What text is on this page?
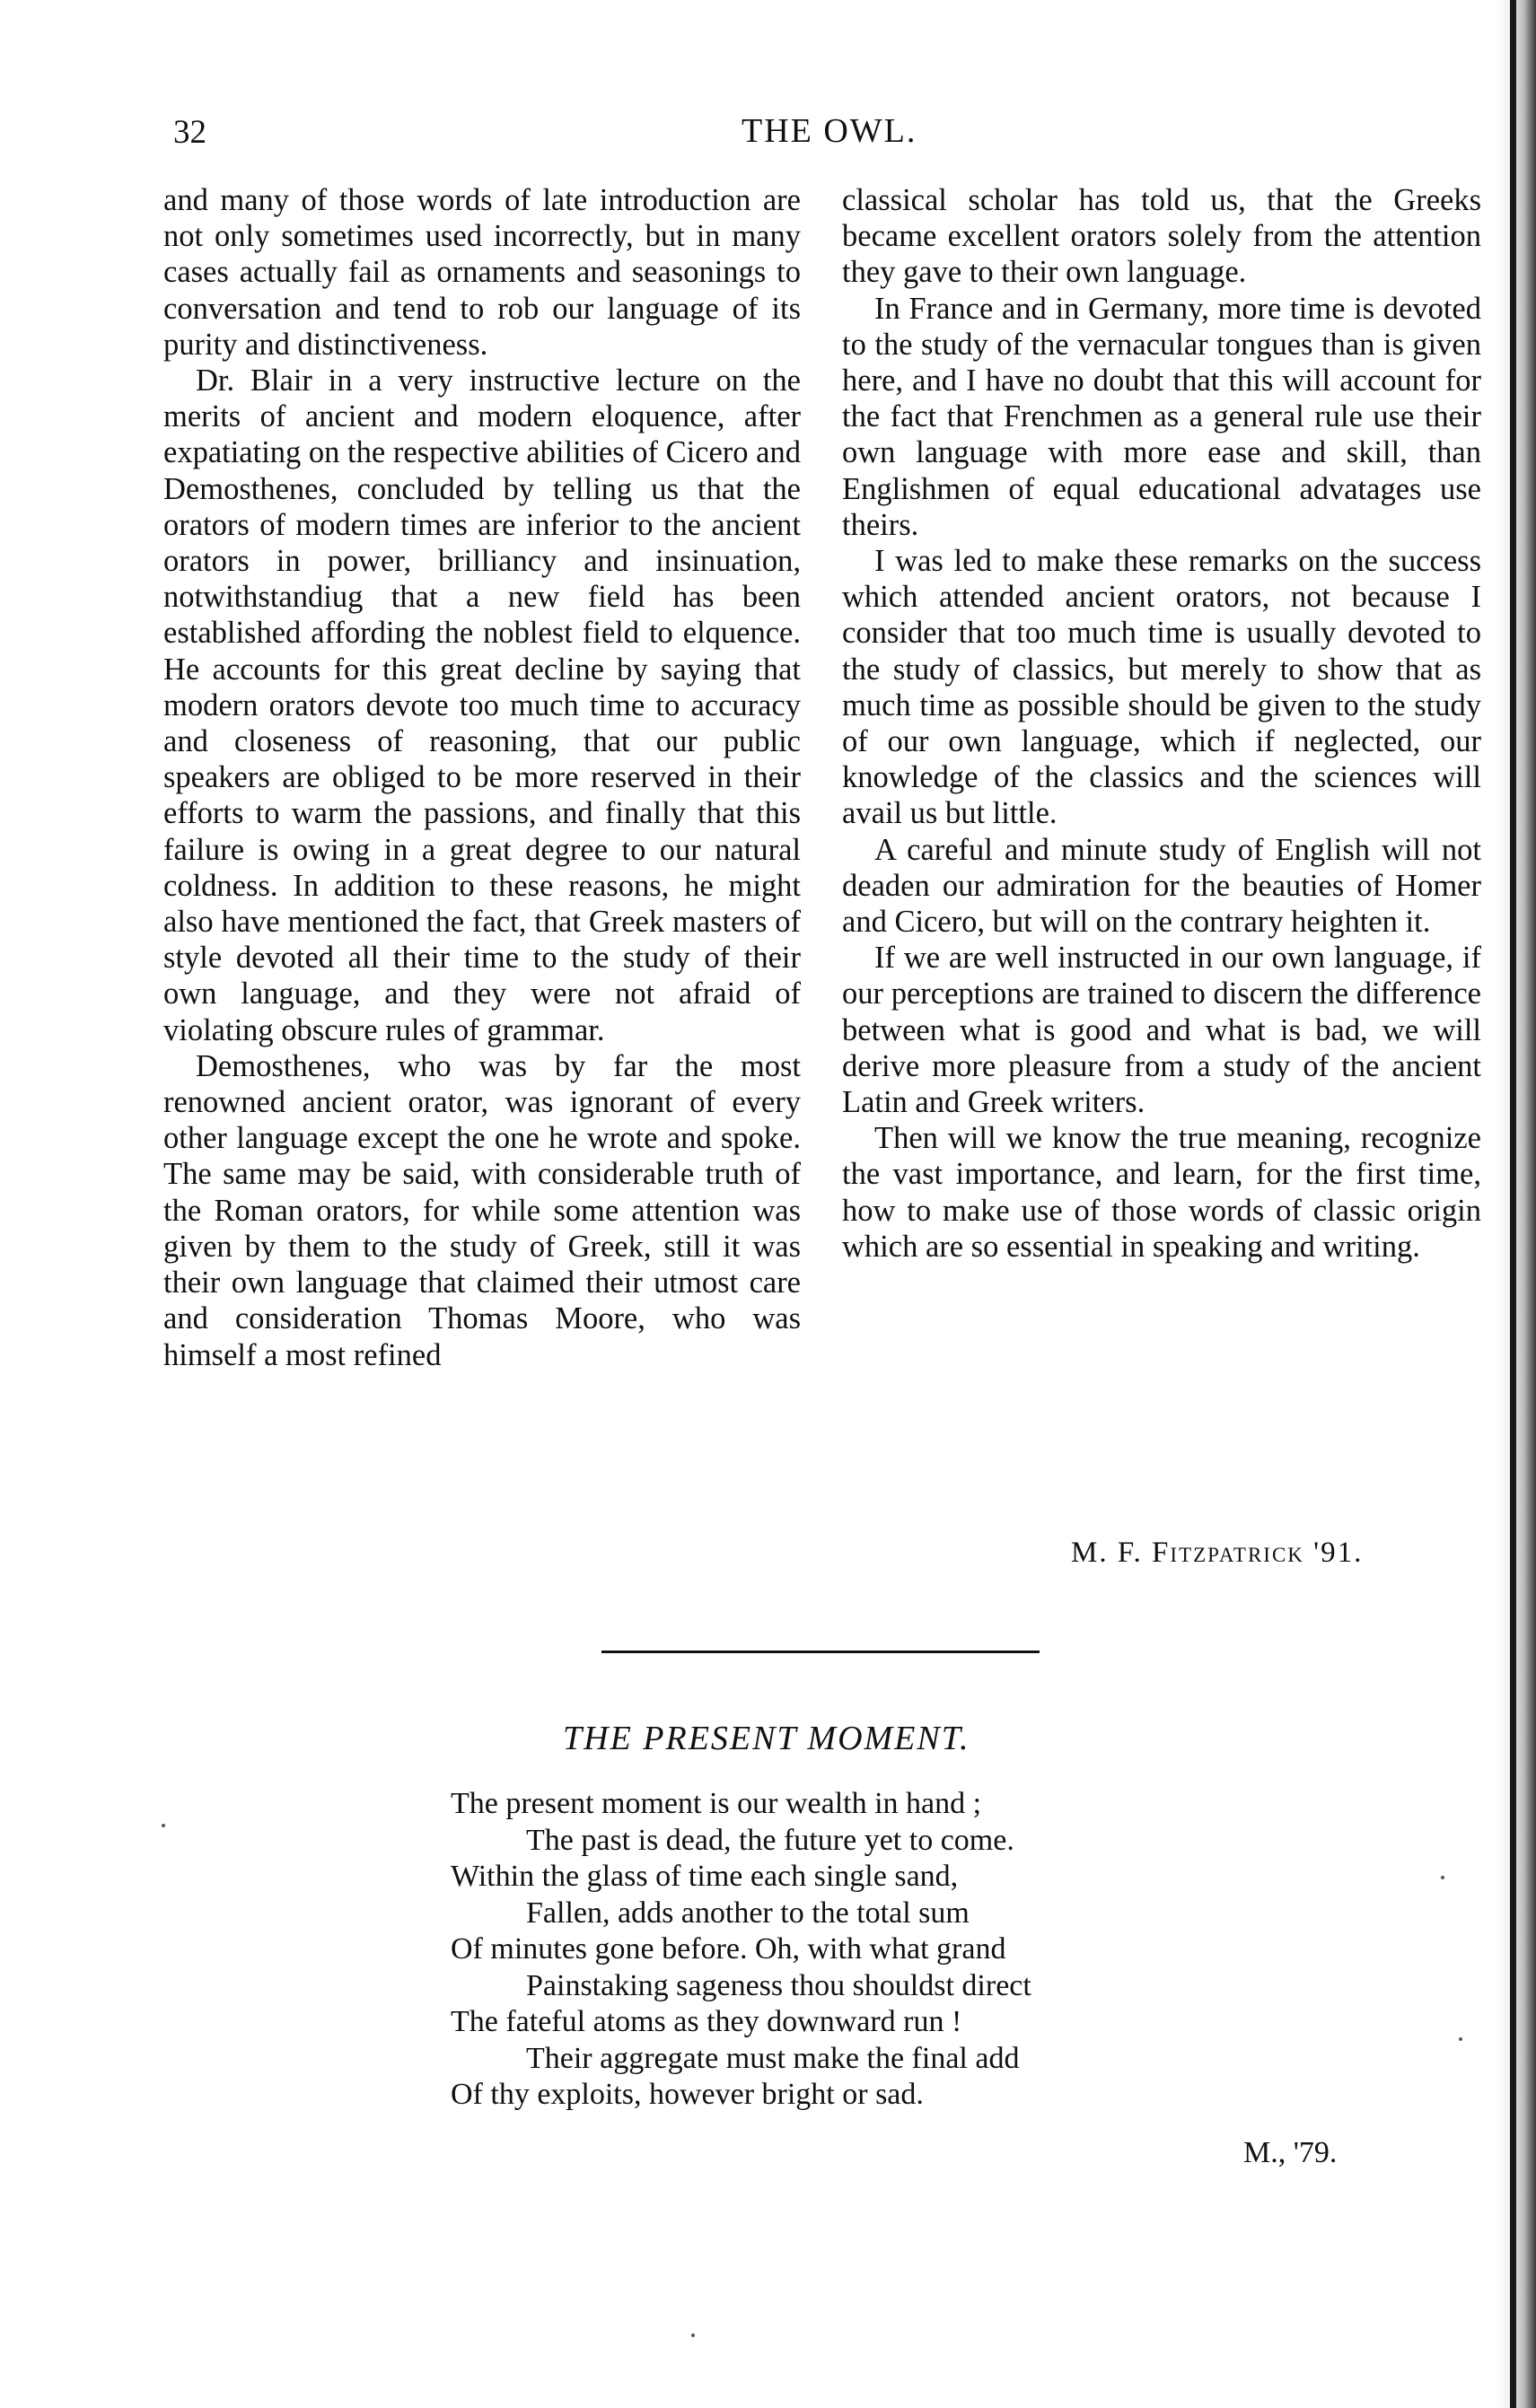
32	THE OWL.

and many of those words of late introduction are not only sometimes used incorrectly, but in many cases actually fail as ornaments and seasonings to conversation and tend to rob our language of its purity and distinctiveness.

Dr. Blair in a very instructive lecture on the merits of ancient and modern eloquence, after expatiating on the respective abilities of Cicero and Demosthenes, concluded by telling us that the orators of modern times are inferior to the ancient orators in power, brilliancy and insinuation, notwithstandiug that a new field has been established affording the noblest field to elquence. He accounts for this great decline by saying that modern orators devote too much time to accuracy and closeness of reasoning, that our public speakers are obliged to be more reserved in their efforts to warm the passions, and finally that this failure is owing in a great degree to our natural coldness. In addition to these reasons, he might also have mentioned the fact, that Greek masters of style devoted all their time to the study of their own language, and they were not afraid of violating obscure rules of grammar.

Demosthenes, who was by far the most renowned ancient orator, was ignorant of every other language except the one he wrote and spoke. The same may be said, with considerable truth of the Roman orators, for while some attention was given by them to the study of Greek, still it was their own language that claimed their utmost care and consideration Thomas Moore, who was himself a most refined

classical scholar has told us, that the Greeks became excellent orators solely from the attention they gave to their own language.

In France and in Germany, more time is devoted to the study of the vernacular tongues than is given here, and I have no doubt that this will account for the fact that Frenchmen as a general rule use their own language with more ease and skill, than Englishmen of equal educational advatages use theirs.

I was led to make these remarks on the success which attended ancient orators, not because I consider that too much time is usually devoted to the study of classics, but merely to show that as much time as possible should be given to the study of our own language, which if neglected, our knowledge of the classics and the sciences will avail us but little.

A careful and minute study of English will not deaden our admiration for the beauties of Homer and Cicero, but will on the contrary heighten it.

If we are well instructed in our own language, if our perceptions are trained to discern the difference between what is good and what is bad, we will derive more pleasure from a study of the ancient Latin and Greek writers.

Then will we know the true meaning, recognize the vast importance, and learn, for the first time, how to make use of those words of classic origin which are so essential in speaking and writing.

M. F. Fitzpatrick '91.
THE PRESENT MOMENT.
The present moment is our wealth in hand ;
The past is dead, the future yet to come.
Within the glass of time each single sand,
Fallen, adds another to the total sum
Of minutes gone before. Oh, with what grand
Painstaking sageness thou shouldst direct
The fateful atoms as they downward run !
Their aggregate must make the final add
Of thy exploits, however bright or sad.
M., '79.
